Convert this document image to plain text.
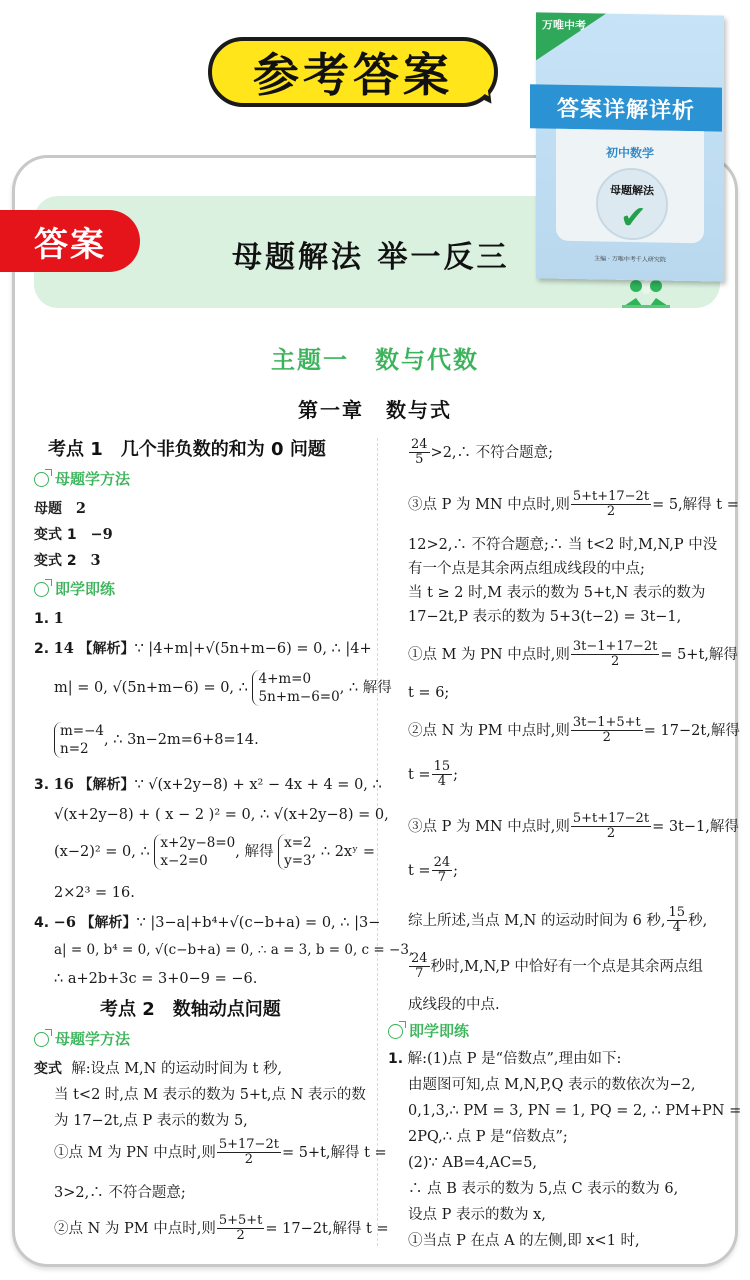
参考答案
答案	母题解法 举一反三
万唯中考
答案详解详析
初中数学
母题解法
✔
主编 · 万唯中考千人研究院
主题一　数与代数
第一章　数与式
考点 1　几个非负数的和为 0 问题
母题学方法
母题 2
变式 1 −9
变式 2 3
即学即练
1. 1
2. 14 【解析】∵ |4+m|+√(5n+m−6) = 0, ∴ |4+
m| = 0, √(5n+m−6) = 0, ∴ 4+m=0
5n+m−6=0, ∴ 解得
m=−4
n=2, ∴ 3n−2m=6+8=14.
3. 16 【解析】∵ √(x+2y−8) + x² − 4x + 4 = 0, ∴
√(x+2y−8) + ( x − 2 )² = 0, ∴ √(x+2y−8) = 0,
(x−2)² = 0, ∴ x+2y−8=0
x−2=0, 解得 x=2
y=3, ∴ 2xʸ =
2×2³ = 16.
4. −6 【解析】∵ |3−a|+b⁴+√(c−b+a) = 0, ∴ |3−
a| = 0, b⁴ = 0, √(c−b+a) = 0, ∴ a = 3, b = 0, c = −3,
∴ a+2b+3c = 3+0−9 = −6.
考点 2　数轴动点问题
母题学方法
变式 解:设点 M,N 的运动时间为 t 秒,
当 t<2 时,点 M 表示的数为 5+t,点 N 表示的数
为 17−2t,点 P 表示的数为 5,
①点 M 为 PN 中点时,则 $\frac{5+17-2t}{2} = 5+t$,解得 t =
3>2,∴ 不符合题意;
②点 N 为 PM 中点时,则 $\frac{5+5+t}{2} = 17-2t$,解得 t =
$\frac{24}{5}$ >2,∴ 不符合题意;
③点 P 为 MN 中点时,则 $\frac{5+t+17-2t}{2} = 5$,解得 t =
12>2,∴ 不符合题意;∴ 当 t<2 时,M,N,P 中没
有一个点是其余两点组成线段的中点;
当 t ≥ 2 时,M 表示的数为 5+t,N 表示的数为
17−2t,P 表示的数为 5+3(t−2) = 3t−1,
①点 M 为 PN 中点时,则 $\frac{3t-1+17-2t}{2} = 5+t$,解得
t = 6;
②点 N 为 PM 中点时,则 $\frac{3t-1+5+t}{2} = 17-2t$,解得
$t = \frac{15}{4}$ ;
③点 P 为 MN 中点时,则 $\frac{5+t+17-2t}{2} = 3t-1$,解得
$t = \frac{24}{7}$ ;
综上所述,当点 M,N 的运动时间为 6 秒, $\frac{15}{4}$ 秒,
$\frac{24}{7}$ 秒时,M,N,P 中恰好有一个点是其余两点组
成线段的中点.
即学即练
1. 解:(1)点 P 是“倍数点”,理由如下:
由题图可知,点 M,N,P,Q 表示的数依次为−2,
0,1,3,∴ PM = 3, PN = 1, PQ = 2, ∴ PM+PN =
2PQ,∴ 点 P 是“倍数点”;
(2)∵ AB=4,AC=5,
∴ 点 B 表示的数为 5,点 C 表示的数为 6,
设点 P 表示的数为 x,
①当点 P 在点 A 的左侧,即 x<1 时,
